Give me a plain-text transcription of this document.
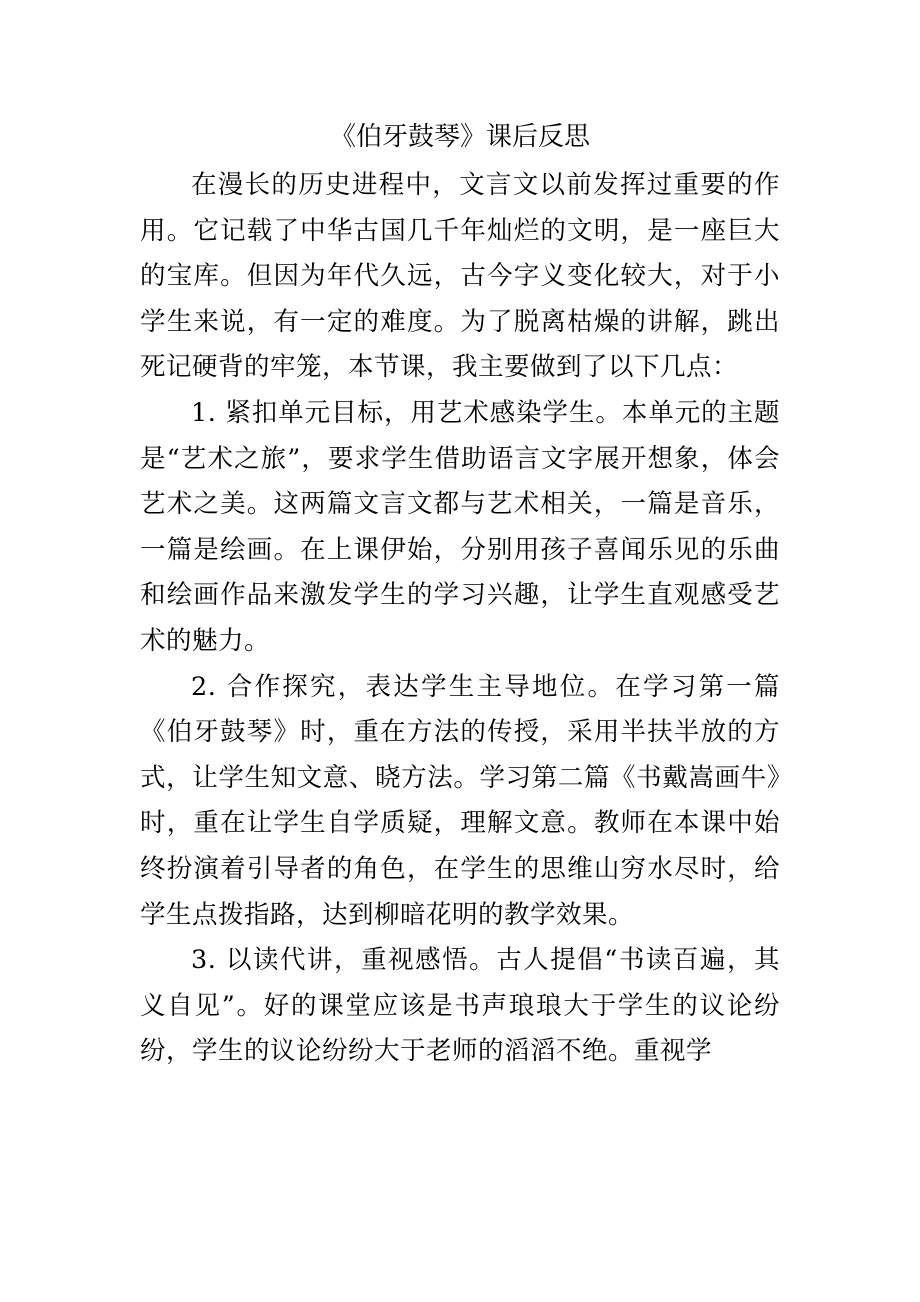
《伯牙鼓琴》课后反思

在漫长的历史进程中，文言文以前发挥过重要的作用。它记载了中华古国几千年灿烂的文明，是一座巨大的宝库。但因为年代久远，古今字义变化较大，对于小学生来说，有一定的难度。为了脱离枯燥的讲解，跳出死记硬背的牢笼，本节课，我主要做到了以下几点：

1. 紧扣单元目标，用艺术感染学生。本单元的主题是“艺术之旅”，要求学生借助语言文字展开想象，体会艺术之美。这两篇文言文都与艺术相关，一篇是音乐，一篇是绘画。在上课伊始，分别用孩子喜闻乐见的乐曲和绘画作品来激发学生的学习兴趣，让学生直观感受艺术的魅力。

2. 合作探究，表达学生主导地位。在学习第一篇《伯牙鼓琴》时，重在方法的传授，采用半扶半放的方式，让学生知文意、晓方法。学习第二篇《书戴嵩画牛》时，重在让学生自学质疑，理解文意。教师在本课中始终扮演着引导者的角色，在学生的思维山穷水尽时，给学生点拨指路，达到柳暗花明的教学效果。

3. 以读代讲，重视感悟。古人提倡“书读百遍，其义自见”。好的课堂应该是书声琅琅大于学生的议论纷纷，学生的议论纷纷大于老师的滔滔不绝。重视学
